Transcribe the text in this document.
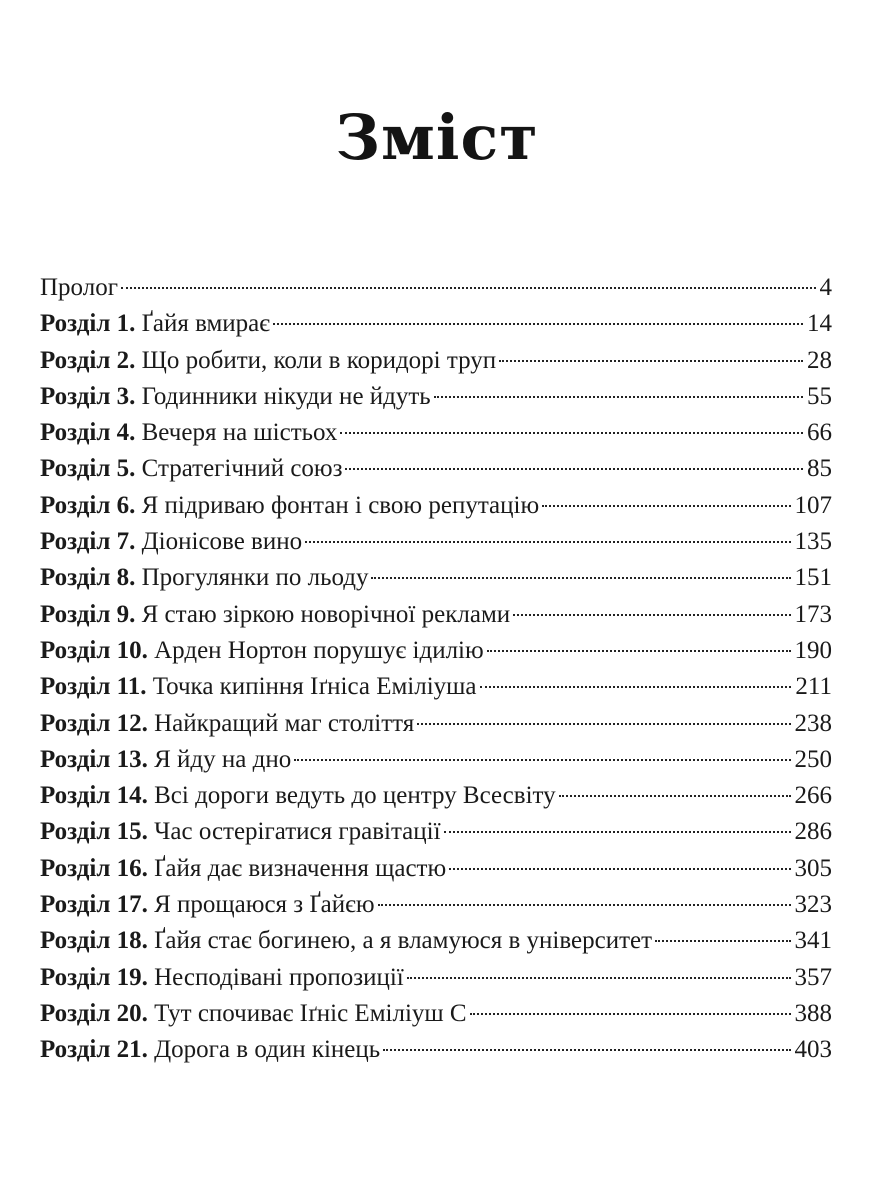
Зміст
Пролог	4
Розділ 1. Ґайя вмирає	14
Розділ 2. Що робити, коли в коридорі труп	28
Розділ 3. Годинники нікуди не йдуть	55
Розділ 4. Вечеря на шістьох	66
Розділ 5. Стратегічний союз	85
Розділ 6. Я підриваю фонтан і свою репутацію	107
Розділ 7. Діонісове вино	135
Розділ 8. Прогулянки по льоду	151
Розділ 9. Я стаю зіркою новорічної реклами	173
Розділ 10. Арден Нортон порушує ідилію	190
Розділ 11. Точка кипіння Іґніса Еміліуша	211
Розділ 12. Найкращий маг століття	238
Розділ 13. Я йду на дно	250
Розділ 14. Всі дороги ведуть до центру Всесвіту	266
Розділ 15. Час остерігатися гравітації	286
Розділ 16. Ґайя дає визначення щастю	305
Розділ 17. Я прощаюся з Ґайєю	323
Розділ 18. Ґайя стає богинею, а я вламуюся в університет	341
Розділ 19. Несподівані пропозиції	357
Розділ 20. Тут спочиває Іґніс Еміліуш С	388
Розділ 21. Дорога в один кінець	403
